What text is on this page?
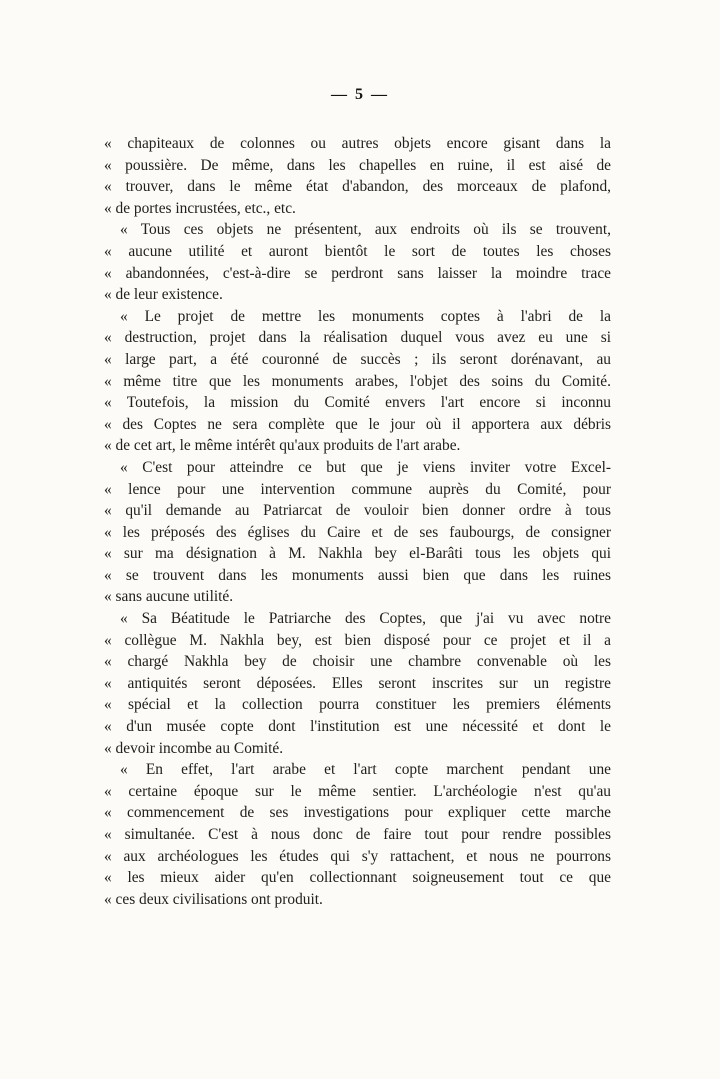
— 5 —
« chapiteaux de colonnes ou autres objets encore gisant dans la
« poussière. De même, dans les chapelles en ruine, il est aisé de
« trouver, dans le même état d'abandon, des morceaux de plafond,
« de portes incrustées, etc., etc.
« Tous ces objets ne présentent, aux endroits où ils se trouvent,
« aucune utilité et auront bientôt le sort de toutes les choses
« abandonnées, c'est-à-dire se perdront sans laisser la moindre trace
« de leur existence.
« Le projet de mettre les monuments coptes à l'abri de la
« destruction, projet dans la réalisation duquel vous avez eu une si
« large part, a été couronné de succès ; ils seront dorénavant, au
« même titre que les monuments arabes, l'objet des soins du Comité.
« Toutefois, la mission du Comité envers l'art encore si inconnu
« des Coptes ne sera complète que le jour où il apportera aux débris
« de cet art, le même intérêt qu'aux produits de l'art arabe.
« C'est pour atteindre ce but que je viens inviter votre Excel-
« lence pour une intervention commune auprès du Comité, pour
« qu'il demande au Patriarcat de vouloir bien donner ordre à tous
« les préposés des églises du Caire et de ses faubourgs, de consigner
« sur ma désignation à M. Nakhla bey el-Barâti tous les objets qui
« se trouvent dans les monuments aussi bien que dans les ruines
« sans aucune utilité.
« Sa Béatitude le Patriarche des Coptes, que j'ai vu avec notre
« collègue M. Nakhla bey, est bien disposé pour ce projet et il a
« chargé Nakhla bey de choisir une chambre convenable où les
« antiquités seront déposées. Elles seront inscrites sur un registre
« spécial et la collection pourra constituer les premiers éléments
« d'un musée copte dont l'institution est une nécessité et dont le
« devoir incombe au Comité.
« En effet, l'art arabe et l'art copte marchent pendant une
« certaine époque sur le même sentier. L'archéologie n'est qu'au
« commencement de ses investigations pour expliquer cette marche
« simultanée. C'est à nous donc de faire tout pour rendre possibles
« aux archéologues les études qui s'y rattachent, et nous ne pourrons
« les mieux aider qu'en collectionnant soigneusement tout ce que
« ces deux civilisations ont produit.
